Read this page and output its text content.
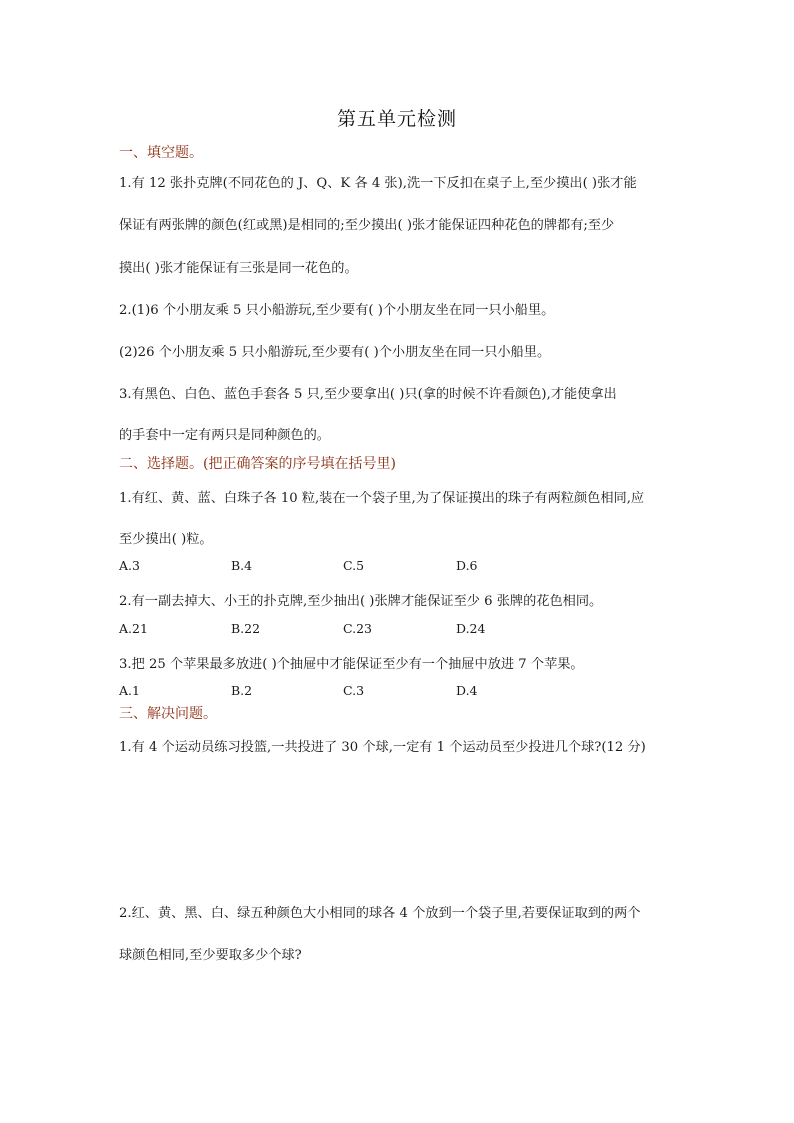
第五单元检测
一、填空题。
1.有 12 张扑克牌(不同花色的 J、Q、K 各 4 张),洗一下反扣在桌子上,至少摸出( )张才能
保证有两张牌的颜色(红或黑)是相同的;至少摸出( )张才能保证四种花色的牌都有;至少
摸出( )张才能保证有三张是同一花色的。
2.(1)6 个小朋友乘 5 只小船游玩,至少要有( )个小朋友坐在同一只小船里。
(2)26 个小朋友乘 5 只小船游玩,至少要有( )个小朋友坐在同一只小船里。
3.有黑色、白色、蓝色手套各 5 只,至少要拿出( )只(拿的时候不许看颜色),才能使拿出
的手套中一定有两只是同种颜色的。
二、选择题。(把正确答案的序号填在括号里)
1.有红、黄、蓝、白珠子各 10 粒,装在一个袋子里,为了保证摸出的珠子有两粒颜色相同,应
至少摸出( )粒。
A.3	B.4	C.5	D.6
2.有一副去掉大、小王的扑克牌,至少抽出( )张牌才能保证至少 6 张牌的花色相同。
A.21	B.22	C.23	D.24
3.把 25 个苹果最多放进( )个抽屉中才能保证至少有一个抽屉中放进 7 个苹果。
A.1	B.2	C.3	D.4
三、解决问题。
1.有 4 个运动员练习投篮,一共投进了 30 个球,一定有 1 个运动员至少投进几个球?(12 分)
2.红、黄、黑、白、绿五种颜色大小相同的球各 4 个放到一个袋子里,若要保证取到的两个
球颜色相同,至少要取多少个球?
